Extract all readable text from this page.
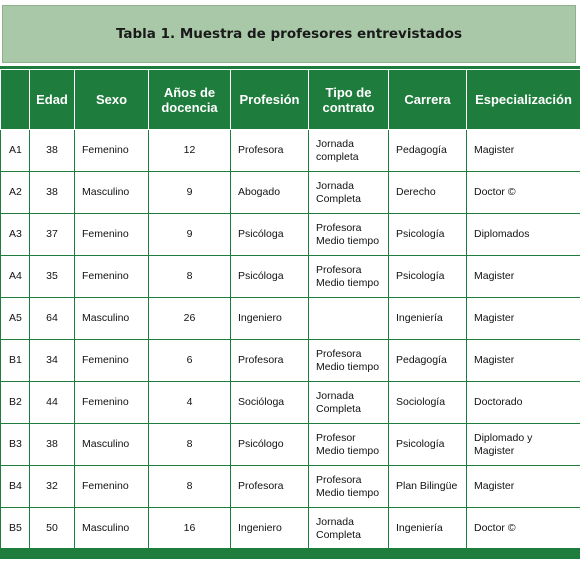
Tabla 1. Muestra de profesores entrevistados
	Edad	Sexo	Años de docencia	Profesión	Tipo de contrato	Carrera	Especialización
A1	38	Femenino	12	Profesora	Jornada completa	Pedagogía	Magister
A2	38	Masculino	9	Abogado	Jornada Completa	Derecho	Doctor ©
A3	37	Femenino	9	Psicóloga	Profesora Medio tiempo	Psicología	Diplomados
A4	35	Femenino	8	Psicóloga	Profesora Medio tiempo	Psicología	Magister
A5	64	Masculino	26	Ingeniero		Ingeniería	Magister
B1	34	Femenino	6	Profesora	Profesora Medio tiempo	Pedagogía	Magister
B2	44	Femenino	4	Socióloga	Jornada Completa	Sociología	Doctorado
B3	38	Masculino	8	Psicólogo	Profesor Medio tiempo	Psicología	Diplomado y Magister
B4	32	Femenino	8	Profesora	Profesora Medio tiempo	Plan Bilingüe	Magister
B5	50	Masculino	16	Ingeniero	Jornada Completa	Ingeniería	Doctor ©
